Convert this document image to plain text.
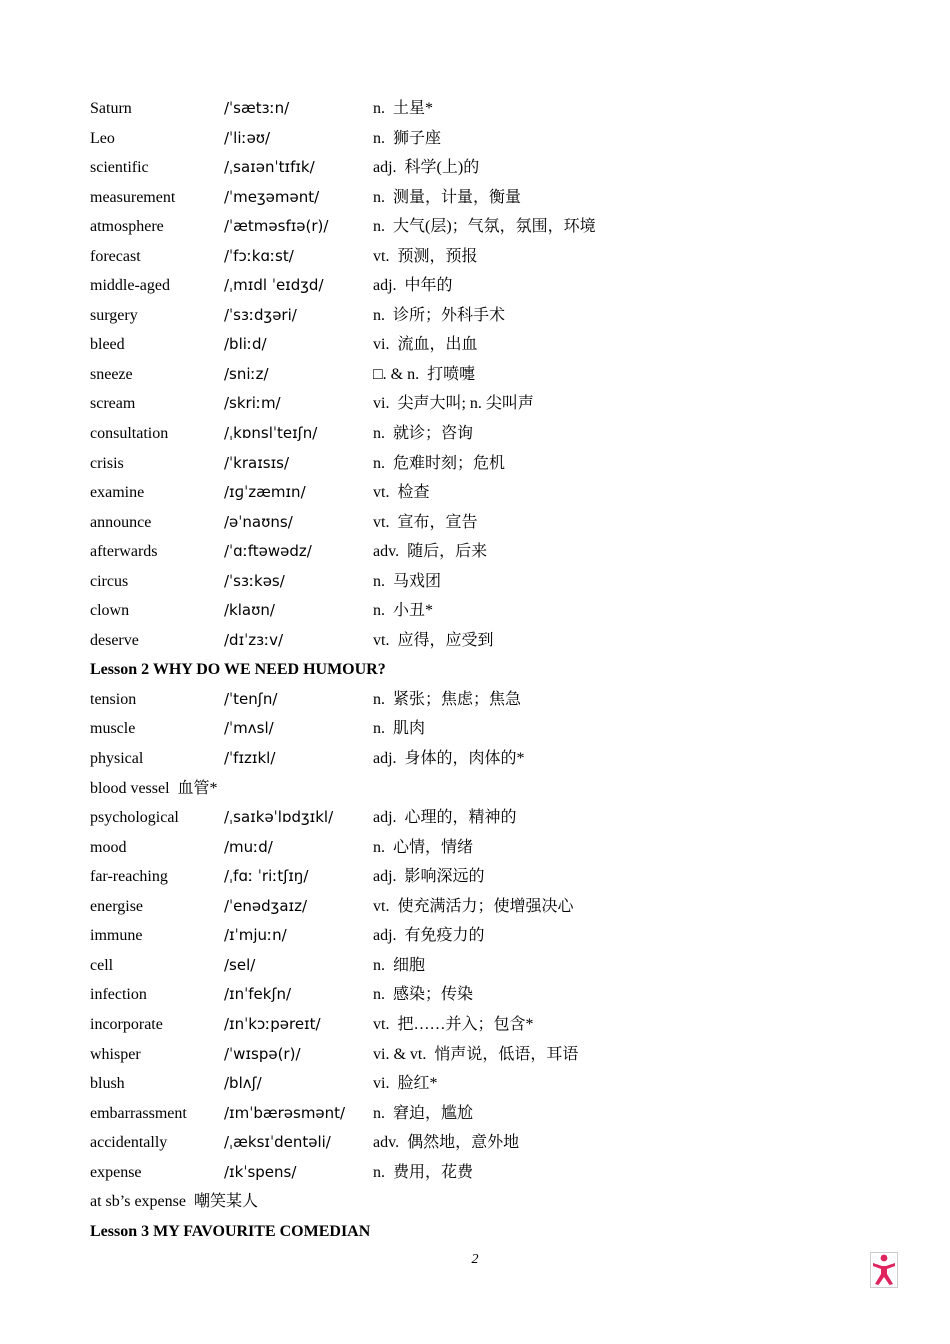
Saturn	/ˈsætɜːn/	n. 土星*
Leo	/ˈliːəʊ/	n. 狮子座
scientific	/ˌsaɪənˈtɪfɪk/	adj. 科学(上)的
measurement	/ˈmeʒəmənt/	n. 测量，计量，衡量
atmosphere	/ˈætməsfɪə(r)/	n. 大气(层)；气氛，氛围，环境
forecast	/ˈfɔːkɑːst/	vt. 预测，预报
middle-aged	/ˌmɪdl ˈeɪdʒd/	adj. 中年的
surgery	/ˈsɜːdʒəri/	n. 诊所；外科手术
bleed	/bliːd/	vi. 流血，出血
sneeze	/sniːz/	□. & n. 打喷嚏
scream	/skriːm/	vi. 尖声大叫; n. 尖叫声
consultation	/ˌkɒnslˈteɪʃn/	n. 就诊；咨询
crisis	/ˈkraɪsɪs/	n. 危难时刻；危机
examine	/ɪɡˈzæmɪn/	vt. 检查
announce	/əˈnaʊns/	vt. 宣布，宣告
afterwards	/ˈɑːftəwədz/	adv. 随后，后来
circus	/ˈsɜːkəs/	n. 马戏团
clown	/klaʊn/	n. 小丑*
deserve	/dɪˈzɜːv/	vt. 应得，应受到
Lesson 2 WHY DO WE NEED HUMOUR?
tension	/ˈtenʃn/	n. 紧张；焦虑；焦急
muscle	/ˈmʌsl/	n. 肌肉
physical	/ˈfɪzɪkl/	adj. 身体的，肉体的*
blood vessel 血管*
psychological	/ˌsaɪkəˈlɒdʒɪkl/ adj. 心理的，精神的
mood	/muːd/	n. 心情，情绪
far-reaching	/ˌfɑː ˈriːtʃɪŋ/	adj. 影响深远的
energise	/ˈenədʒaɪz/	vt. 使充满活力；使增强决心
immune	/ɪˈmjuːn/	adj. 有免疫力的
cell	/sel/	n. 细胞
infection	/ɪnˈfekʃn/	n. 感染；传染
incorporate	/ɪnˈkɔːpəreɪt/	vt. 把……并入；包含*
whisper	/ˈwɪspə(r)/	vi. & vt. 悄声说，低语，耳语
blush	/blʌʃ/	vi. 脸红*
embarrassment /ɪmˈbærəsmənt/ n. 窘迫，尴尬
accidentally	/ˌæksɪˈdentəli/	adv. 偶然地，意外地
expense	/ɪkˈspens/	n. 费用，花费
at sb’s expense 嘲笑某人
Lesson 3 MY FAVOURITE COMEDIAN
2
